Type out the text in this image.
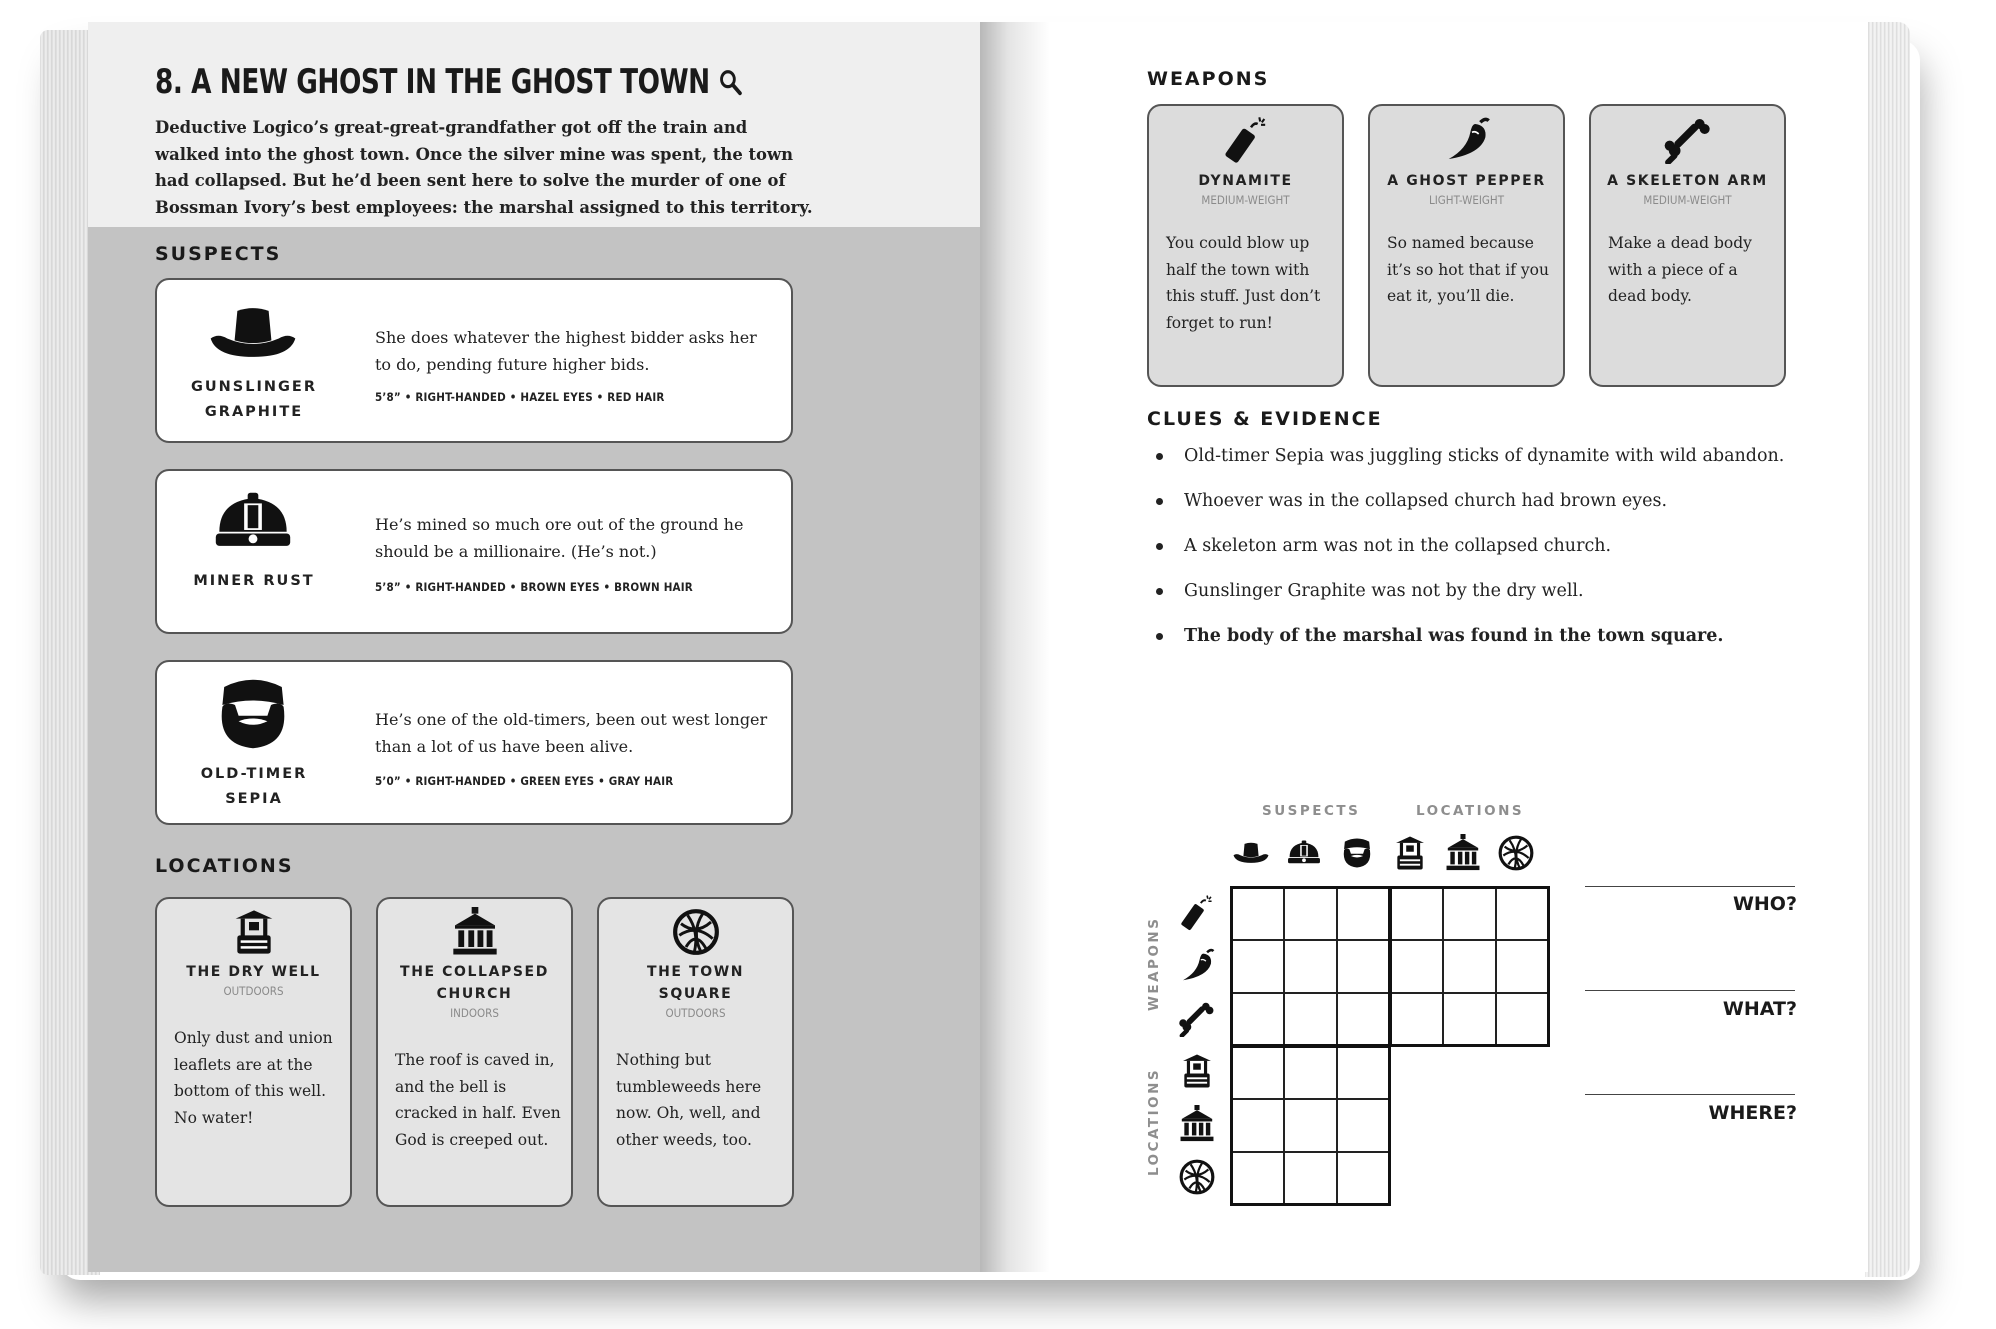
8. A NEW GHOST IN THE GHOST TOWN

Deductive Logico’s great-great-grandfather got off the train and walked into the ghost town. Once the silver mine was spent, the town had collapsed. But he’d been sent here to solve the murder of one of Bossman Ivory’s best employees: the marshal assigned to this territory.

SUSPECTS
GUNSLINGER
GRAPHITE

She does whatever the highest bidder asks her to do, pending future higher bids.

5’8” • RIGHT-HANDED • HAZEL EYES • RED HAIR
MINER RUST

He’s mined so much ore out of the ground he should be a millionaire. (He’s not.)

5’8” • RIGHT-HANDED • BROWN EYES • BROWN HAIR
OLD-TIMER
SEPIA

He’s one of the old-timers, been out west longer than a lot of us have been alive.

5’0” • RIGHT-HANDED • GREEN EYES • GRAY HAIR
LOCATIONS
THE DRY WELL
OUTDOORS

Only dust and union leaflets are at the bottom of this well. No water!

THE COLLAPSED
CHURCH
INDOORS

The roof is caved in, and the bell is cracked in half. Even God is creeped out.

THE TOWN
SQUARE
OUTDOORS

Nothing but tumbleweeds here now. Oh, well, and other weeds, too.

WEAPONS
DYNAMITE
MEDIUM-WEIGHT

You could blow up half the town with this stuff. Just don’t forget to run!

A GHOST PEPPER
LIGHT-WEIGHT

So named because it’s so hot that if you eat it, you’ll die.

A SKELETON ARM
MEDIUM-WEIGHT

Make a dead body with a piece of a dead body.

CLUES & EVIDENCE
Old-timer Sepia was juggling sticks of dynamite with wild abandon.
Whoever was in the collapsed church had brown eyes.
A skeleton arm was not in the collapsed church.
Gunslinger Graphite was not by the dry well.
The body of the marshal was found in the town square.
SUSPECTS	LOCATIONS
WEAPONS
LOCATIONS
WHO?
WHAT?
WHERE?
